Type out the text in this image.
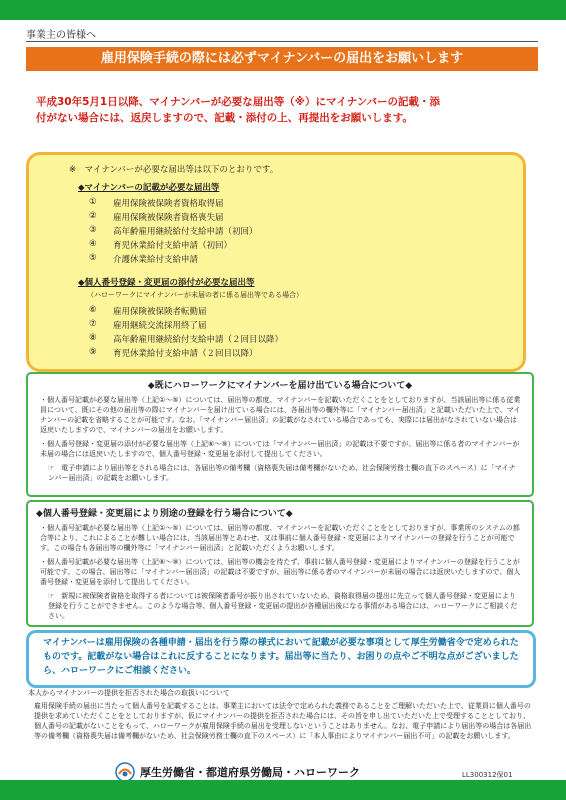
事業主の皆様へ
雇用保険手続の際には必ずマイナンバーの届出をお願いします
平成30年5月1日以降、マイナンバーが必要な届出等（※）にマイナンバーの記載・添
付がない場合には、返戻しますので、記載・添付の上、再提出をお願いします。
※　マイナンバーが必要な届出等は以下のとおりです。
◆マイナンバーの記載が必要な届出等
①	雇用保険被保険者資格取得届
②	雇用保険被保険者資格喪失届
③	高年齢雇用継続給付支給申請（初回）
④	育児休業給付支給申請（初回）
⑤	介護休業給付支給申請
◆個人番号登録・変更届の添付が必要な届出等
（ハローワークにマイナンバーが未届の者に係る届出等である場合）
⑥	雇用保険被保険者転勤届
⑦	雇用継続交流採用終了届
⑧	高年齢雇用継続給付支給申請（２回目以降）
⑨	育児休業給付支給申請（２回目以降）
◆既にハローワークにマイナンバーを届け出ている場合について◆
・個人番号記載が必要な届出等（上記①～⑤）については、届出等の都度、マイナンバーを記載いただくことをとしておりますが、当該届出等に係る従業員について、既にその他の届出等の際にマイナンバーを届け出ている場合には、各届出等の欄外等に「マイナンバー届出済」と記載いただいた上で、マイナンバーの記載を省略することが可能です。なお、「マイナンバー届出済」の記載がなされている場合であっても、実際には届出がなされていない場合は返戻いたしますので、マイナンバーの届出をお願いします。
・個人番号登録・変更届の添付が必要な届出等（上記⑥～⑨）については「マイナンバー届出済」の記載は不要ですが、届出等に係る者のマイナンバーが未届の場合には返戻いたしますので、個人番号登録・変更届を添付して提出してください。
☞　電子申請により届出等をされる場合には、各届出等の備考欄（資格喪失届は備考欄がないため、社会保険労務士欄の直下のスペース）に「マイナンバー届出済」の記載をお願いします。
◆個人番号登録・変更届により別途の登録を行う場合について◆
・個人番号記載が必要な届出等（上記①～⑤）については、届出等の都度、マイナンバーを記載いただくことをとしておりますが、事業所のシステムの都合等により、これによることが難しい場合には、当該届出等とあわせ、又は事前に個人番号登録・変更届によりマイナンバーの登録を行うことが可能です。この場合も各届出等の欄外等に「マイナンバー届出済」と記載いただくようお願いします。
・個人番号記載が必要な届出等（上記⑥～⑨）については、届出等の機会を待たず、事前に個人番号登録・変更届によりマイナンバーの登録を行うことが可能です。この場合、届出等に「マイナンバー届出済」の記載は不要ですが、届出等に係る者のマイナンバーが未届の場合には返戻いたしますので、個人番号登録・変更届を添付して提出してください。
☞　新規に被保険者資格を取得する者については被保険者番号が振り出されていないため、資格取得届の提出に先立って個人番号登録・変更届により登録を行うことができません。このような場合等、個人番号登録・変更届の提出が各種届出後になる事情がある場合には、ハローワークにご相談ください。
マイナンバーは雇用保険の各種申請・届出を行う際の様式において記載が必要な事項として厚生労働省令で定められたものです。記載がない場合はこれに反することになります。届出等に当たり、お困りの点やご不明な点がございましたら、ハローワークにご相談ください。
本人からマイナンバーの提供を拒否された場合の取扱いについて
雇用保険手続の届出に当たって個人番号を記載することは、事業主においては法令で定められた義務であることをご理解いただいた上で、従業員に個人番号の提供を求めていただくことをとしておりますが、仮にマイナンバーの提供を拒否された場合には、その旨を申し出ていただいた上で受理することとしており、個人番号の記載がないことをもって、ハローワークが雇用保険手続の届出を受理しないということはありません。なお、電子申請により届出等の場合は各届出等の備考欄（資格喪失届は備考欄がないため、社会保険労務士欄の直下のスペース）に「本人事由によりマイナンバー届出不可」の記載をお願いします。
厚生労働省・都道府県労働局・ハローワーク	LL300312保01
